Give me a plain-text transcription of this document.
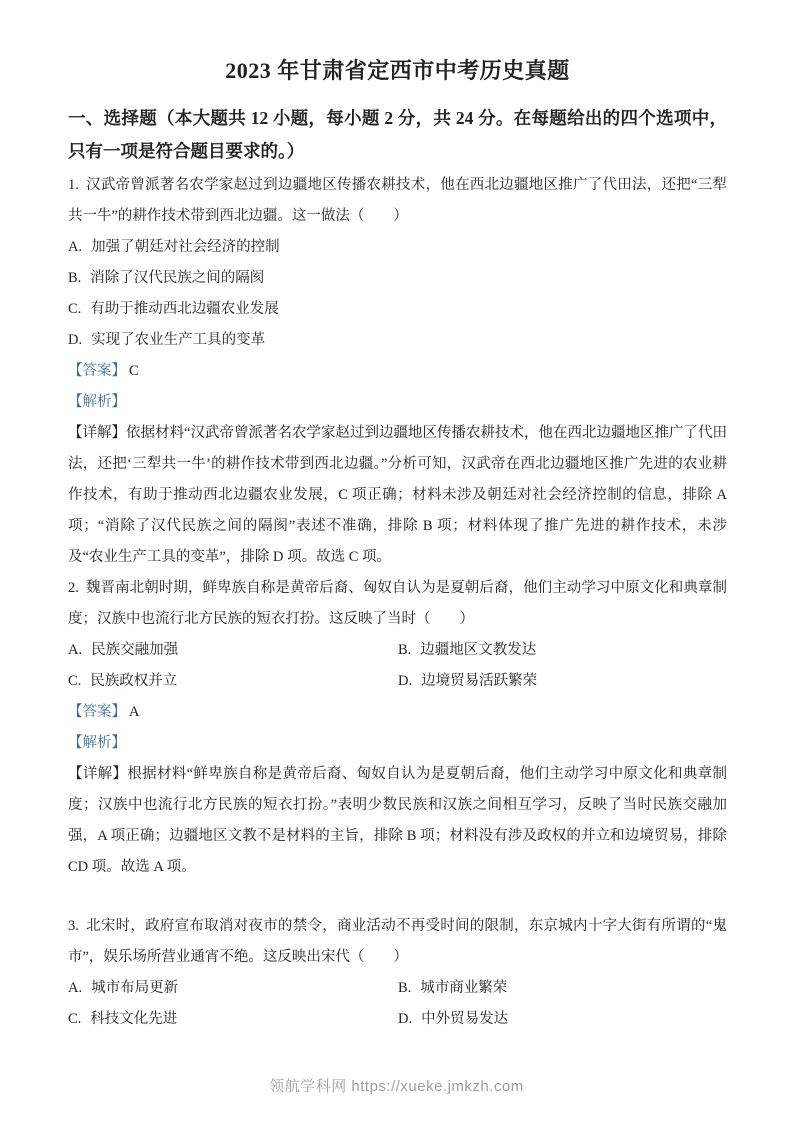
2023 年甘肃省定西市中考历史真题
一、选择题（本大题共 12 小题，每小题 2 分，共 24 分。在每题给出的四个选项中，只有一项是符合题目要求的。）

1. 汉武帝曾派著名农学家赵过到边疆地区传播农耕技术，他在西北边疆地区推广了代田法，还把“三犁共一牛”的耕作技术带到西北边疆。这一做法（　　）

A. 加强了朝廷对社会经济的控制

B. 消除了汉代民族之间的隔阂

C. 有助于推动西北边疆农业发展

D. 实现了农业生产工具的变革

【答案】 C

【解析】

【详解】依据材料“汉武帝曾派著名农学家赵过到边疆地区传播农耕技术，他在西北边疆地区推广了代田法，还把‘三犁共一牛’的耕作技术带到西北边疆。”分析可知，汉武帝在西北边疆地区推广先进的农业耕作技术，有助于推动西北边疆农业发展，C 项正确；材料未涉及朝廷对社会经济控制的信息，排除 A 项；“消除了汉代民族之间的隔阂”表述不准确，排除 B 项；材料体现了推广先进的耕作技术，未涉及“农业生产工具的变革”，排除 D 项。故选 C 项。

2. 魏晋南北朝时期，鲜卑族自称是黄帝后裔、匈奴自认为是夏朝后裔，他们主动学习中原文化和典章制度；汉族中也流行北方民族的短衣打扮。这反映了当时（　　）

A. 民族交融加强	B. 边疆地区文教发达

C. 民族政权并立	D. 边境贸易活跃繁荣

【答案】 A

【解析】

【详解】根据材料“鲜卑族自称是黄帝后裔、匈奴自认为是夏朝后裔，他们主动学习中原文化和典章制度；汉族中也流行北方民族的短衣打扮。”表明少数民族和汉族之间相互学习，反映了当时民族交融加强，A 项正确；边疆地区文教不是材料的主旨，排除 B 项；材料没有涉及政权的并立和边境贸易，排除 CD 项。故选 A 项。

3. 北宋时，政府宣布取消对夜市的禁令，商业活动不再受时间的限制，东京城内十字大街有所谓的“鬼市”，娱乐场所营业通宵不绝。这反映出宋代（　　）

A. 城市布局更新	B. 城市商业繁荣

C. 科技文化先进	D. 中外贸易发达

领航学科网 https://xueke.jmkzh.com
